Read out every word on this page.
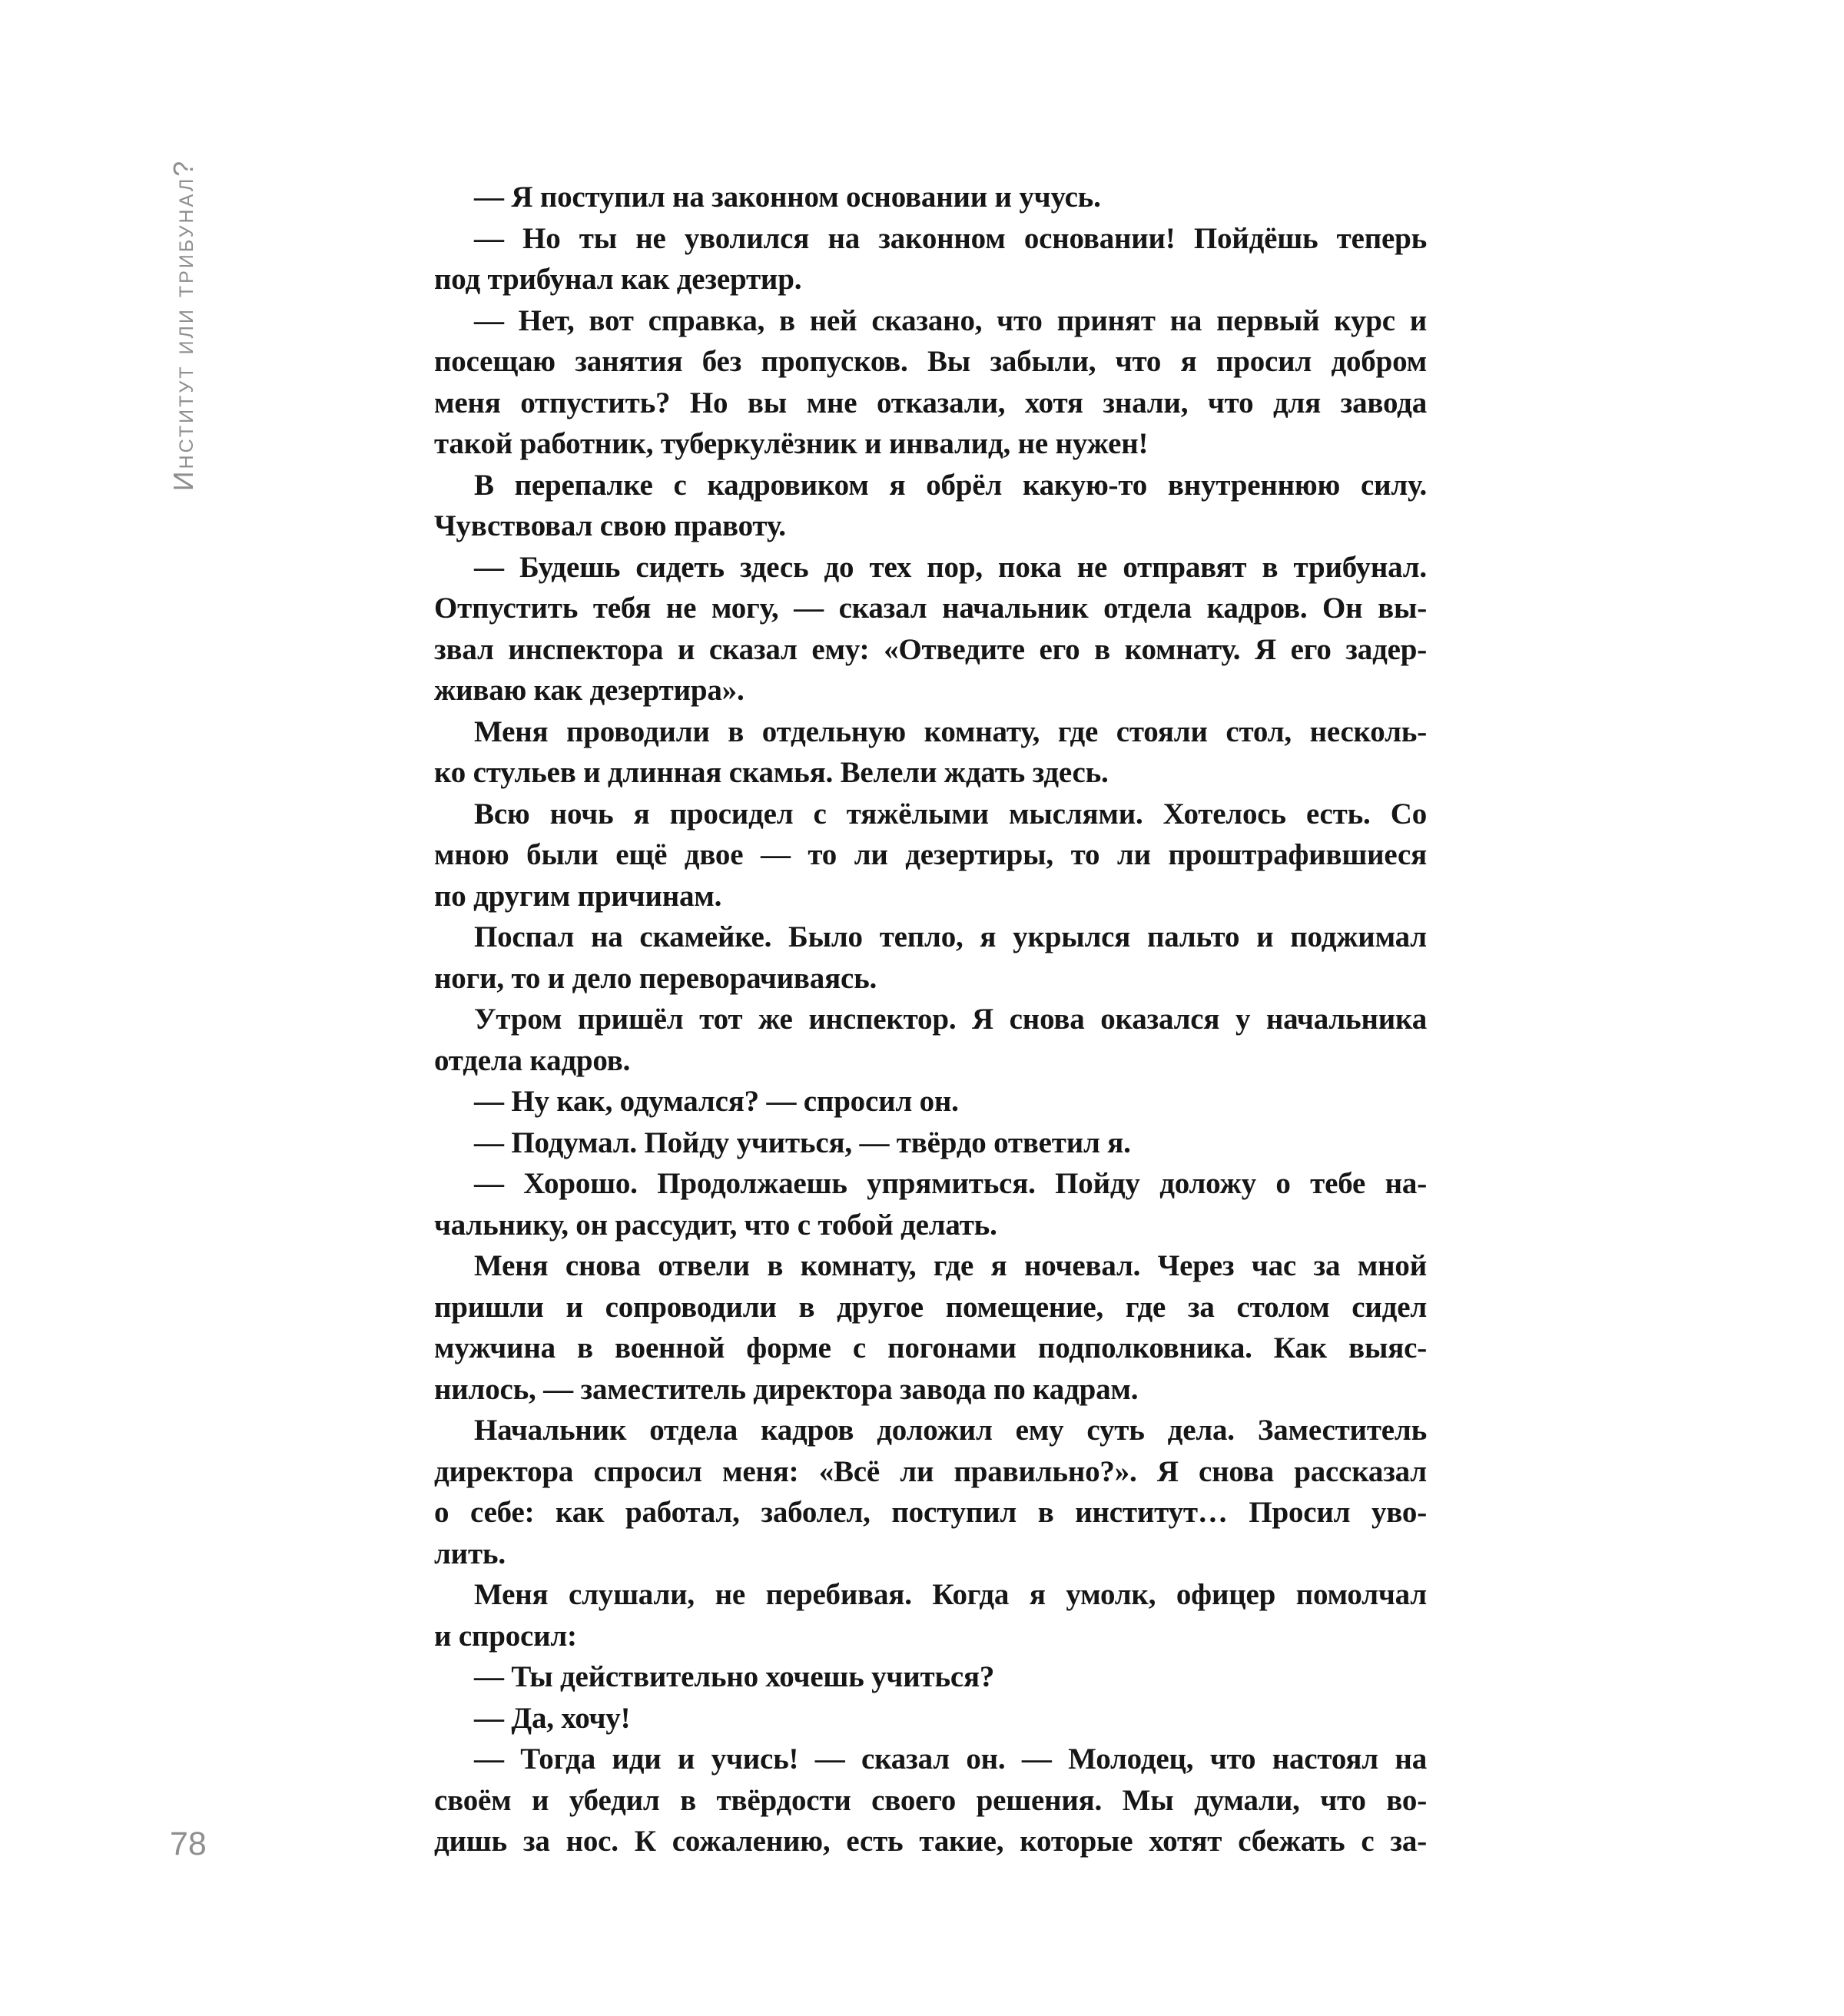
Институт или трибунал?	— Я поступил на законном основании и учусь.
— Но ты не уволился на законном основании! Пойдёшь теперь
под трибунал как дезертир.
— Нет, вот справка, в ней сказано, что принят на первый курс и
посещаю занятия без пропусков. Вы забыли, что я просил добром
меня отпустить? Но вы мне отказали, хотя знали, что для завода
такой работник, туберкулёзник и инвалид, не нужен!
В перепалке с кадровиком я обрёл какую-то внутреннюю силу.
Чувствовал свою правоту.
— Будешь сидеть здесь до тех пор, пока не отправят в трибунал.
Отпустить тебя не могу, — сказал начальник отдела кадров. Он вы-
звал инспектора и сказал ему: «Отведите его в комнату. Я его задер-
живаю как дезертира».
Меня проводили в отдельную комнату, где стояли стол, несколь-
ко стульев и длинная скамья. Велели ждать здесь.
Всю ночь я просидел с тяжёлыми мыслями. Хотелось есть. Со
мною были ещё двое — то ли дезертиры, то ли проштрафившиеся
по другим причинам.
Поспал на скамейке. Было тепло, я укрылся пальто и поджимал
ноги, то и дело переворачиваясь.
Утром пришёл тот же инспектор. Я снова оказался у начальника
отдела кадров.
— Ну как, одумался? — спросил он.
— Подумал. Пойду учиться, — твёрдо ответил я.
— Хорошо. Продолжаешь упрямиться. Пойду доложу о тебе на-
чальнику, он рассудит, что с тобой делать.
Меня снова отвели в комнату, где я ночевал. Через час за мной
пришли и сопроводили в другое помещение, где за столом сидел
мужчина в военной форме с погонами подполковника. Как выяс-
нилось, — заместитель директора завода по кадрам.
Начальник отдела кадров доложил ему суть дела. Заместитель
директора спросил меня: «Всё ли правильно?». Я снова рассказал
о себе: как работал, заболел, поступил в институт… Просил уво-
лить.
Меня слушали, не перебивая. Когда я умолк, офицер помолчал
и спросил:
— Ты действительно хочешь учиться?
— Да, хочу!
— Тогда иди и учись! — сказал он. — Молодец, что настоял на
своём и убедил в твёрдости своего решения. Мы думали, что во-
дишь за нос. К сожалению, есть такие, которые хотят сбежать с за-
78
